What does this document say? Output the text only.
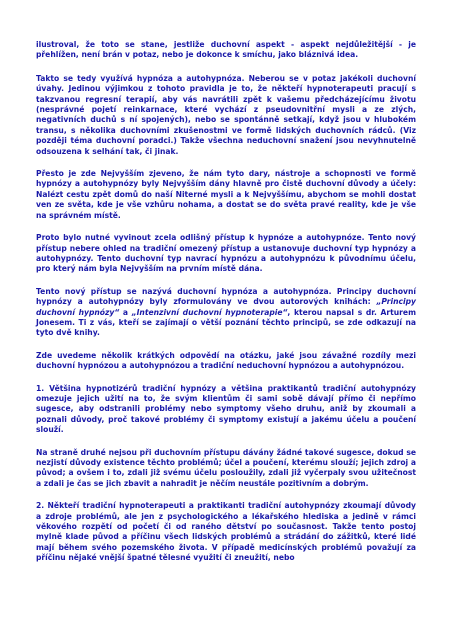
ilustroval, že toto se stane, jestliže duchovní aspekt - aspekt nejdůležitější - je přehlížen, není brán v potaz, nebo je dokonce k smíchu, jako bláznivá idea.

Takto se tedy využívá hypnóza a autohypnóza. Neberou se v potaz jakékoli duchovní úvahy. Jedinou výjimkou z tohoto pravidla je to, že někteří hypnoterapeuti pracují s takzvanou regresní terapií, aby vás navrátili zpět k vašemu předcházejícímu životu (nesprávné pojetí reinkarnace, které vychází z pseudovnitřní mysli a ze zlých, negativních duchů s ní spojených), nebo se spontánně setkají, když jsou v hlubokém transu, s několika duchovními zkušenostmi ve formě lidských duchovních rádců. (Viz později téma duchovní poradci.) Takže všechna neduchovní snažení jsou nevyhnutelně odsouzena k selhání tak, či jinak.

Přesto je zde Nejvyšším zjeveno, že nám tyto dary, nástroje a schopnosti ve formě hypnózy a autohypnózy byly Nejvyšším dány hlavně pro čistě duchovní důvody a účely: Nalézt cestu zpět domů do naší Niterné mysli a k Nejvyššímu, abychom se mohli dostat ven ze světa, kde je vše vzhůru nohama, a dostat se do světa pravé reality, kde je vše na správném místě.

Proto bylo nutné vyvinout zcela odlišný přístup k hypnóze a autohypnóze. Tento nový přístup nebere ohled na tradiční omezený přístup a ustanovuje duchovní typ hypnózy a autohypnózy. Tento duchovní typ navrací hypnózu a autohypnózu k původnímu účelu, pro který nám byla Nejvyšším na prvním místě dána.

Tento nový přístup se nazývá duchovní hypnóza a autohypnóza. Principy duchovní hypnózy a autohypnózy byly zformulovány ve dvou autorových knihách: „Principy duchovní hypnózy“ a „Intenzivní duchovní hypnoterapie“, kterou napsal s dr. Arturem Jonesem. Ti z vás, kteří se zajímají o větší poznání těchto principů, se zde odkazují na tyto dvě knihy.

Zde uvedeme několik krátkých odpovědí na otázku, jaké jsou závažné rozdíly mezi duchovní hypnózou a autohypnózou a tradiční neduchovní hypnózou a autohypnózou.

1. Většina hypnotizérů tradiční hypnózy a většina praktikantů tradiční autohypnózy omezuje jejich užití na to, že svým klientům či sami sobě dávají přímo či nepřímo sugesce, aby odstranili problémy nebo symptomy všeho druhu, aniž by zkoumali a poznali důvody, proč takové problémy či symptomy existují a jakému účelu a poučení slouží.

Na straně druhé nejsou při duchovním přístupu dávány žádné takové sugesce, dokud se nezjistí důvody existence těchto problémů; účel a poučení, kterému slouží; jejich zdroj a původ; a ovšem i to, zdali již svému účelu posloužily, zdali již vyčerpaly svou užitečnost a zdali je čas se jich zbavit a nahradit je něčím neustále pozitivním a dobrým.

2. Někteří tradiční hypnoterapeuti a praktikanti tradiční autohypnózy zkoumají důvody a zdroje problémů, ale jen z psychologického a lékařského hlediska a jedině v rámci věkového rozpětí od početí či od raného dětství po současnost. Takže tento postoj mylně klade původ a příčinu všech lidských problémů a strádání do zážitků, které lidé mají během svého pozemského života. V případě medicínských problémů považují za příčinu nějaké vnější špatné tělesné využití či zneužití, nebo
